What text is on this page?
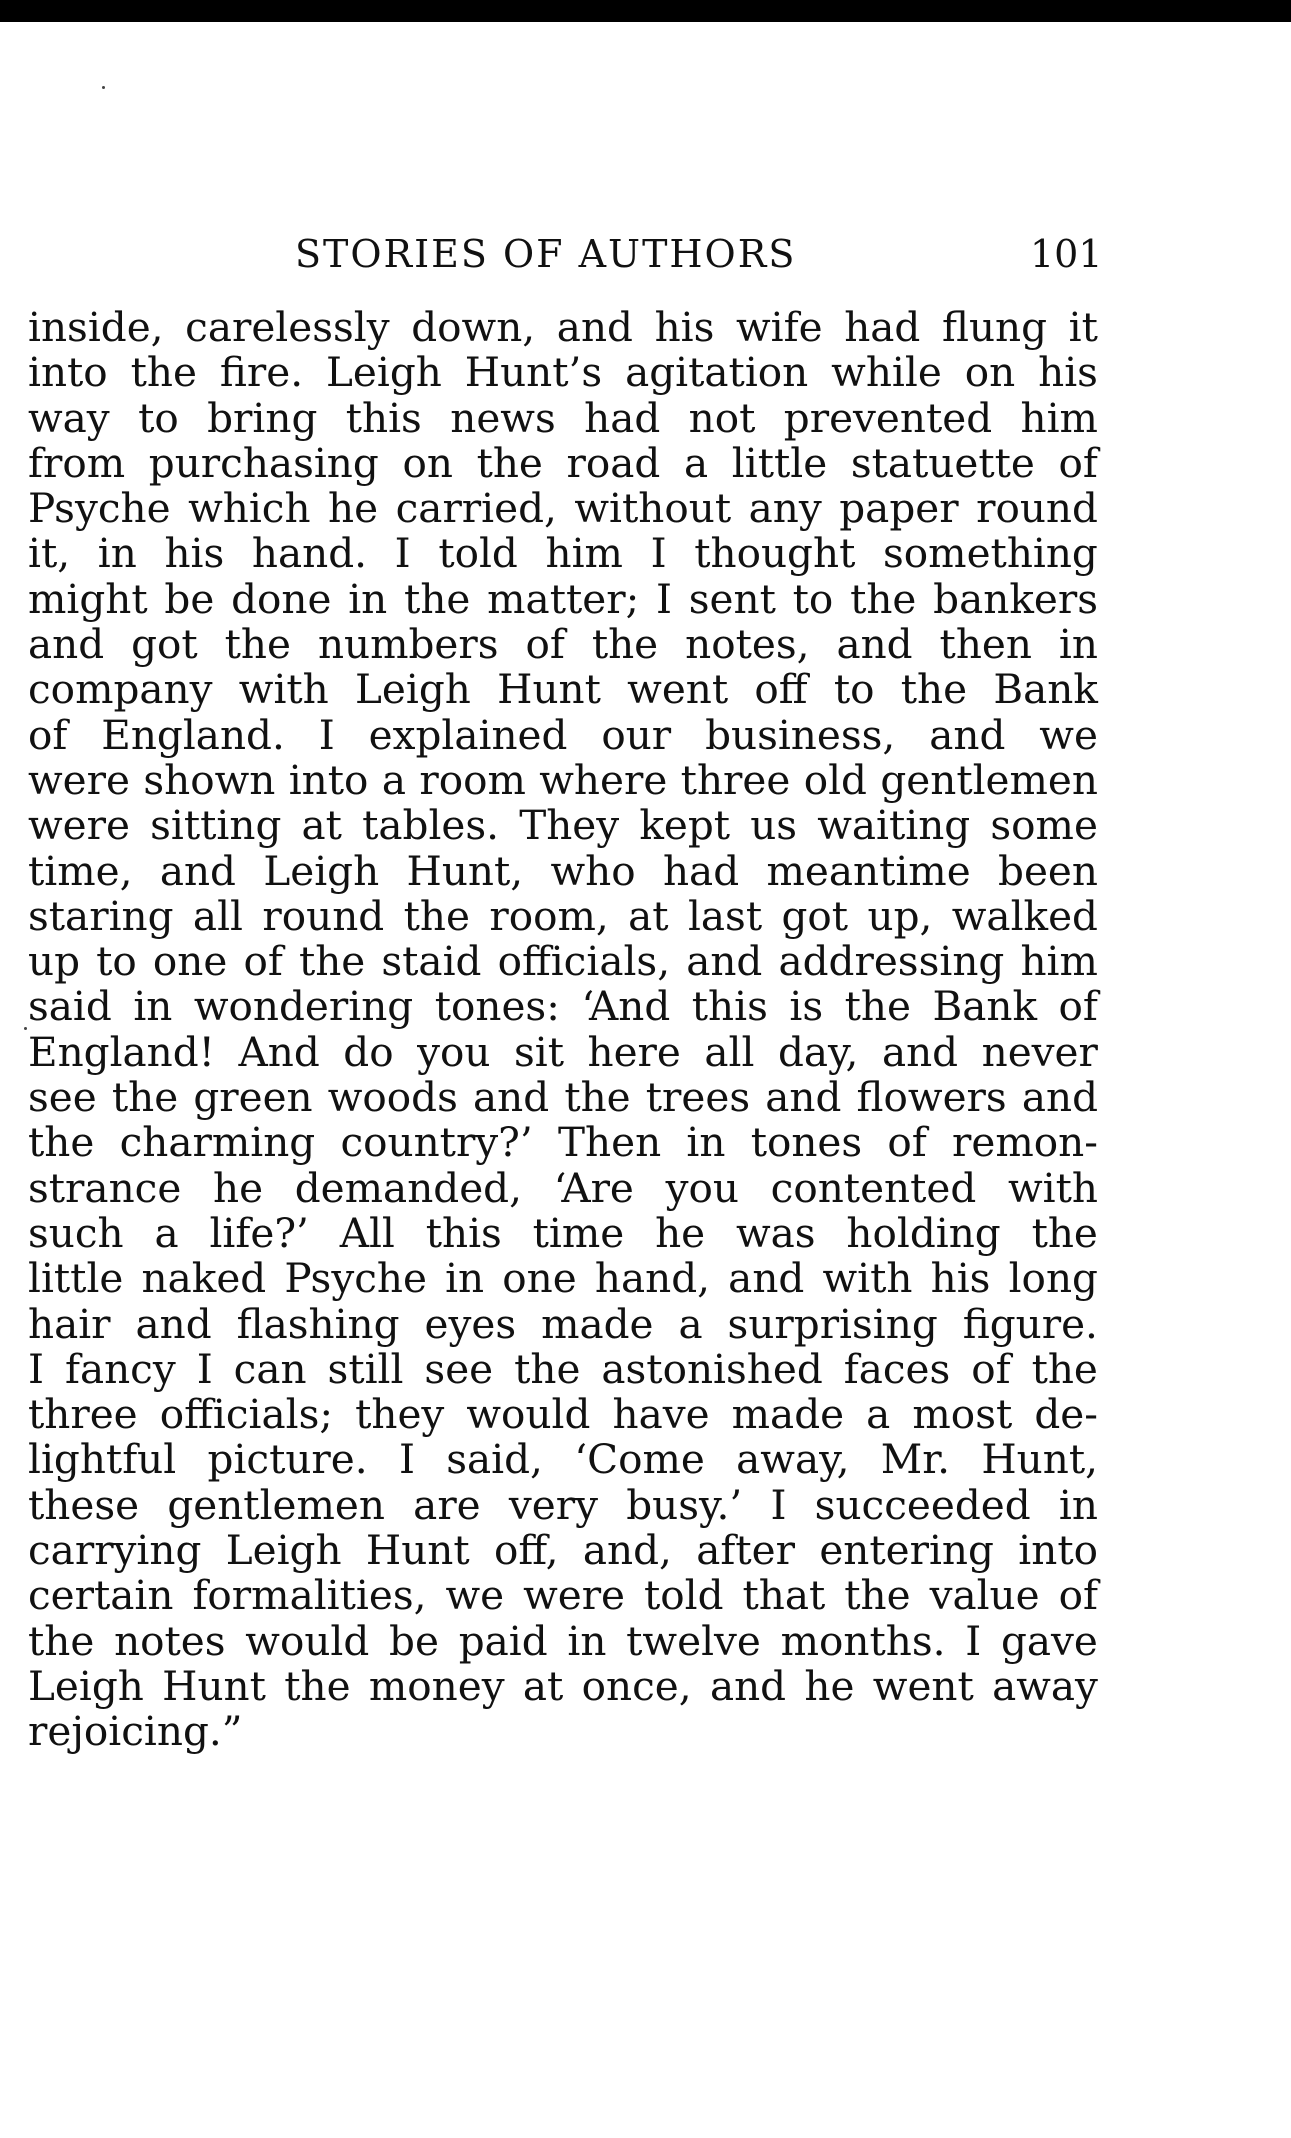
STORIES OF AUTHORS	101
inside, carelessly down, and his wife had flung it
into the fire. Leigh Hunt’s agitation while on his
way to bring this news had not prevented him
from purchasing on the road a little statuette of
Psyche which he carried, without any paper round
it, in his hand. I told him I thought something
might be done in the matter; I sent to the bankers
and got the numbers of the notes, and then in
company with Leigh Hunt went off to the Bank
of England. I explained our business, and we
were shown into a room where three old gentlemen
were sitting at tables. They kept us waiting some
time, and Leigh Hunt, who had meantime been
staring all round the room, at last got up, walked
up to one of the staid officials, and addressing him
said in wondering tones: ‘And this is the Bank of
England! And do you sit here all day, and never
see the green woods and the trees and flowers and
the charming country?’ Then in tones of remon-
strance he demanded, ‘Are you contented with
such a life?’ All this time he was holding the
little naked Psyche in one hand, and with his long
hair and flashing eyes made a surprising figure.
I fancy I can still see the astonished faces of the
three officials; they would have made a most de-
lightful picture. I said, ‘Come away, Mr. Hunt,
these gentlemen are very busy.’ I succeeded in
carrying Leigh Hunt off, and, after entering into
certain formalities, we were told that the value of
the notes would be paid in twelve months. I gave
Leigh Hunt the money at once, and he went away
rejoicing.”
